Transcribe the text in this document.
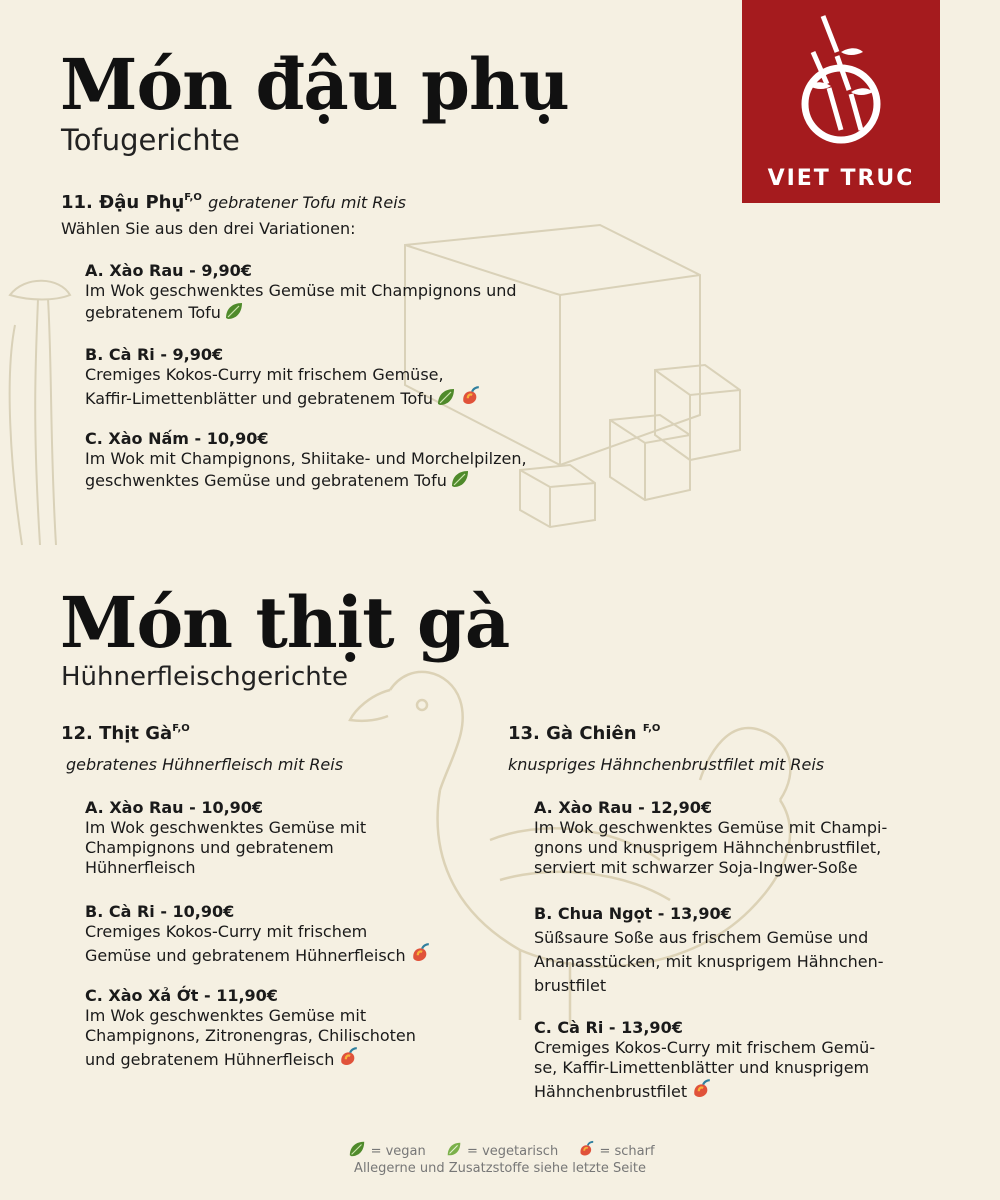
VIET TRUC
Món đậu phụ
Tofugerichte
11. Đậu Phụ$^{F,O}$ gebratener Tofu mit Reis
Wählen Sie aus den drei Variationen:
A. Xào Rau - 9,90€
Im Wok geschwenktes Gemüse mit Champignons und
gebratenem Tofu
B. Cà Ri - 9,90€
Cremiges Kokos-Curry mit frischem Gemüse,
Kaffir-Limettenblätter und gebratenem Tofu
C. Xào Nấm - 10,90€
Im Wok mit Champignons, Shiitake- und Morchelpilzen,
geschwenktes Gemüse und gebratenem Tofu
Món thịt gà
Hühnerfleischgerichte
12. Thịt $Gà^{F,O}$
gebratenes Hühnerfleisch mit Reis
A. Xào Rau - 10,90€
Im Wok geschwenktes Gemüse mit
Champignons und gebratenem
Hühnerfleisch
B. Cà Ri - 10,90€
Cremiges Kokos-Curry mit frischem
Gemüse und gebratenem Hühnerfleisch
C. Xào Xả Ớt - 11,90€
Im Wok geschwenktes Gemüse mit
Champignons, Zitronengras, Chilischoten
und gebratenem Hühnerfleisch
13. Gà Chiên $^{F,O}$
knuspriges Hähnchenbrustfilet mit Reis
A. Xào Rau - 12,90€
Im Wok geschwenktes Gemüse mit Champi-
gnons und knusprigem Hähnchenbrustfilet,
serviert mit schwarzer Soja-Ingwer-Soße
B. Chua Ngọt - 13,90€
Süßsaure Soße aus frischem Gemüse und
Ananasstücken, mit knusprigem Hähnchen-
brustfilet
C. Cà Ri - 13,90€
Cremiges Kokos-Curry mit frischem Gemü-
se, Kaffir-Limettenblätter und knusprigem
Hähnchenbrustfilet
= vegan	= vegetarisch	= scharf
Allegerne und Zusatzstoffe siehe letzte Seite
